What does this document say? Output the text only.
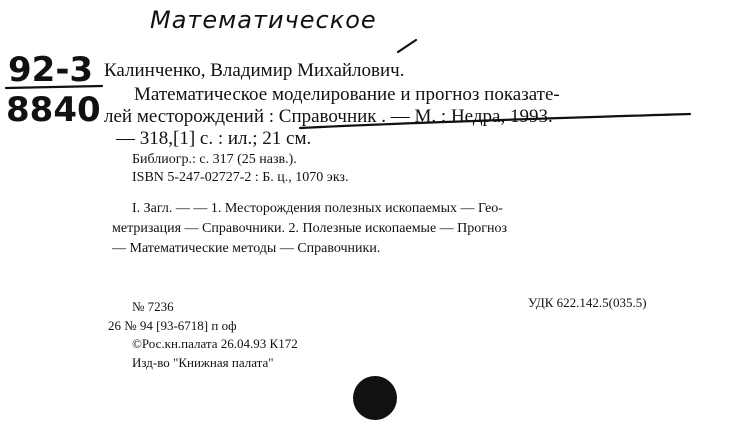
Математическое
92-3
8840
Калинченко, Владимир Михайлович.
Математическое моделирование и прогноз показате-
лей месторождений : Справочник . — М. : Недра, 1993.
— 318,[1] с. : ил.; 21 см.
Библиогр.: с. 317 (25 назв.).
ISBN 5-247-02727-2 : Б. ц., 1070 экз.
I. Загл. — — 1. Месторождения полезных ископаемых — Гео-
метризация — Справочники. 2. Полезные ископаемые — Прогноз
— Математические методы — Справочники.
№ 7236	УДК 622.142.5(035.5)
26 № 94 [93-6718] п оф
©Рос.кн.палата 26.04.93 К172
Изд-во "Книжная палата"
